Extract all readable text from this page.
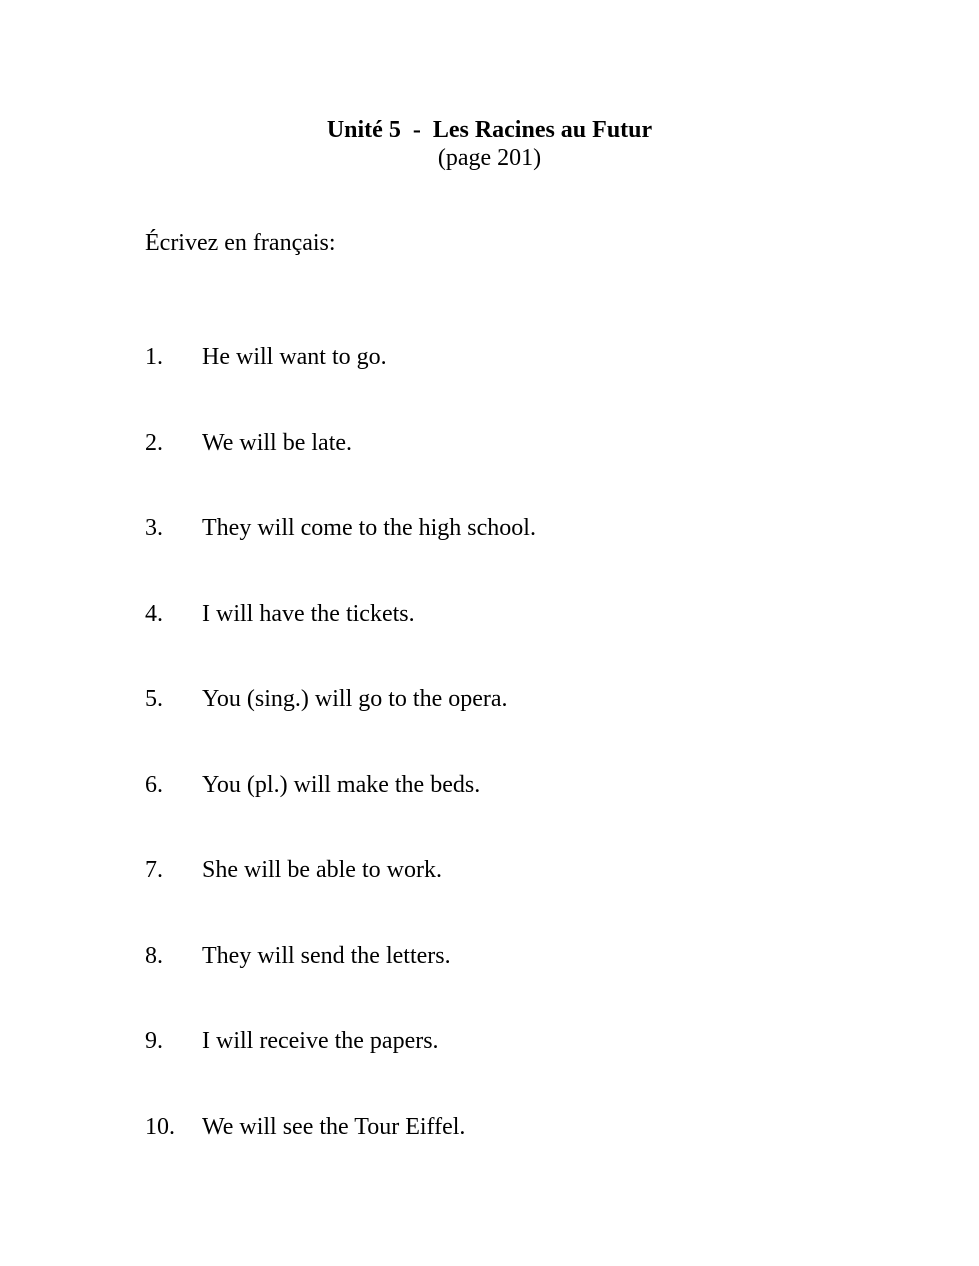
Unité 5  -  Les Racines au Futur
(page 201)
Écrivez en français:
1. He will want to go.
2. We will be late.
3. They will come to the high school.
4. I will have the tickets.
5. You (sing.) will go to the opera.
6. You (pl.) will make the beds.
7. She will be able to work.
8. They will send the letters.
9. I will receive the papers.
10. We will see the Tour Eiffel.
